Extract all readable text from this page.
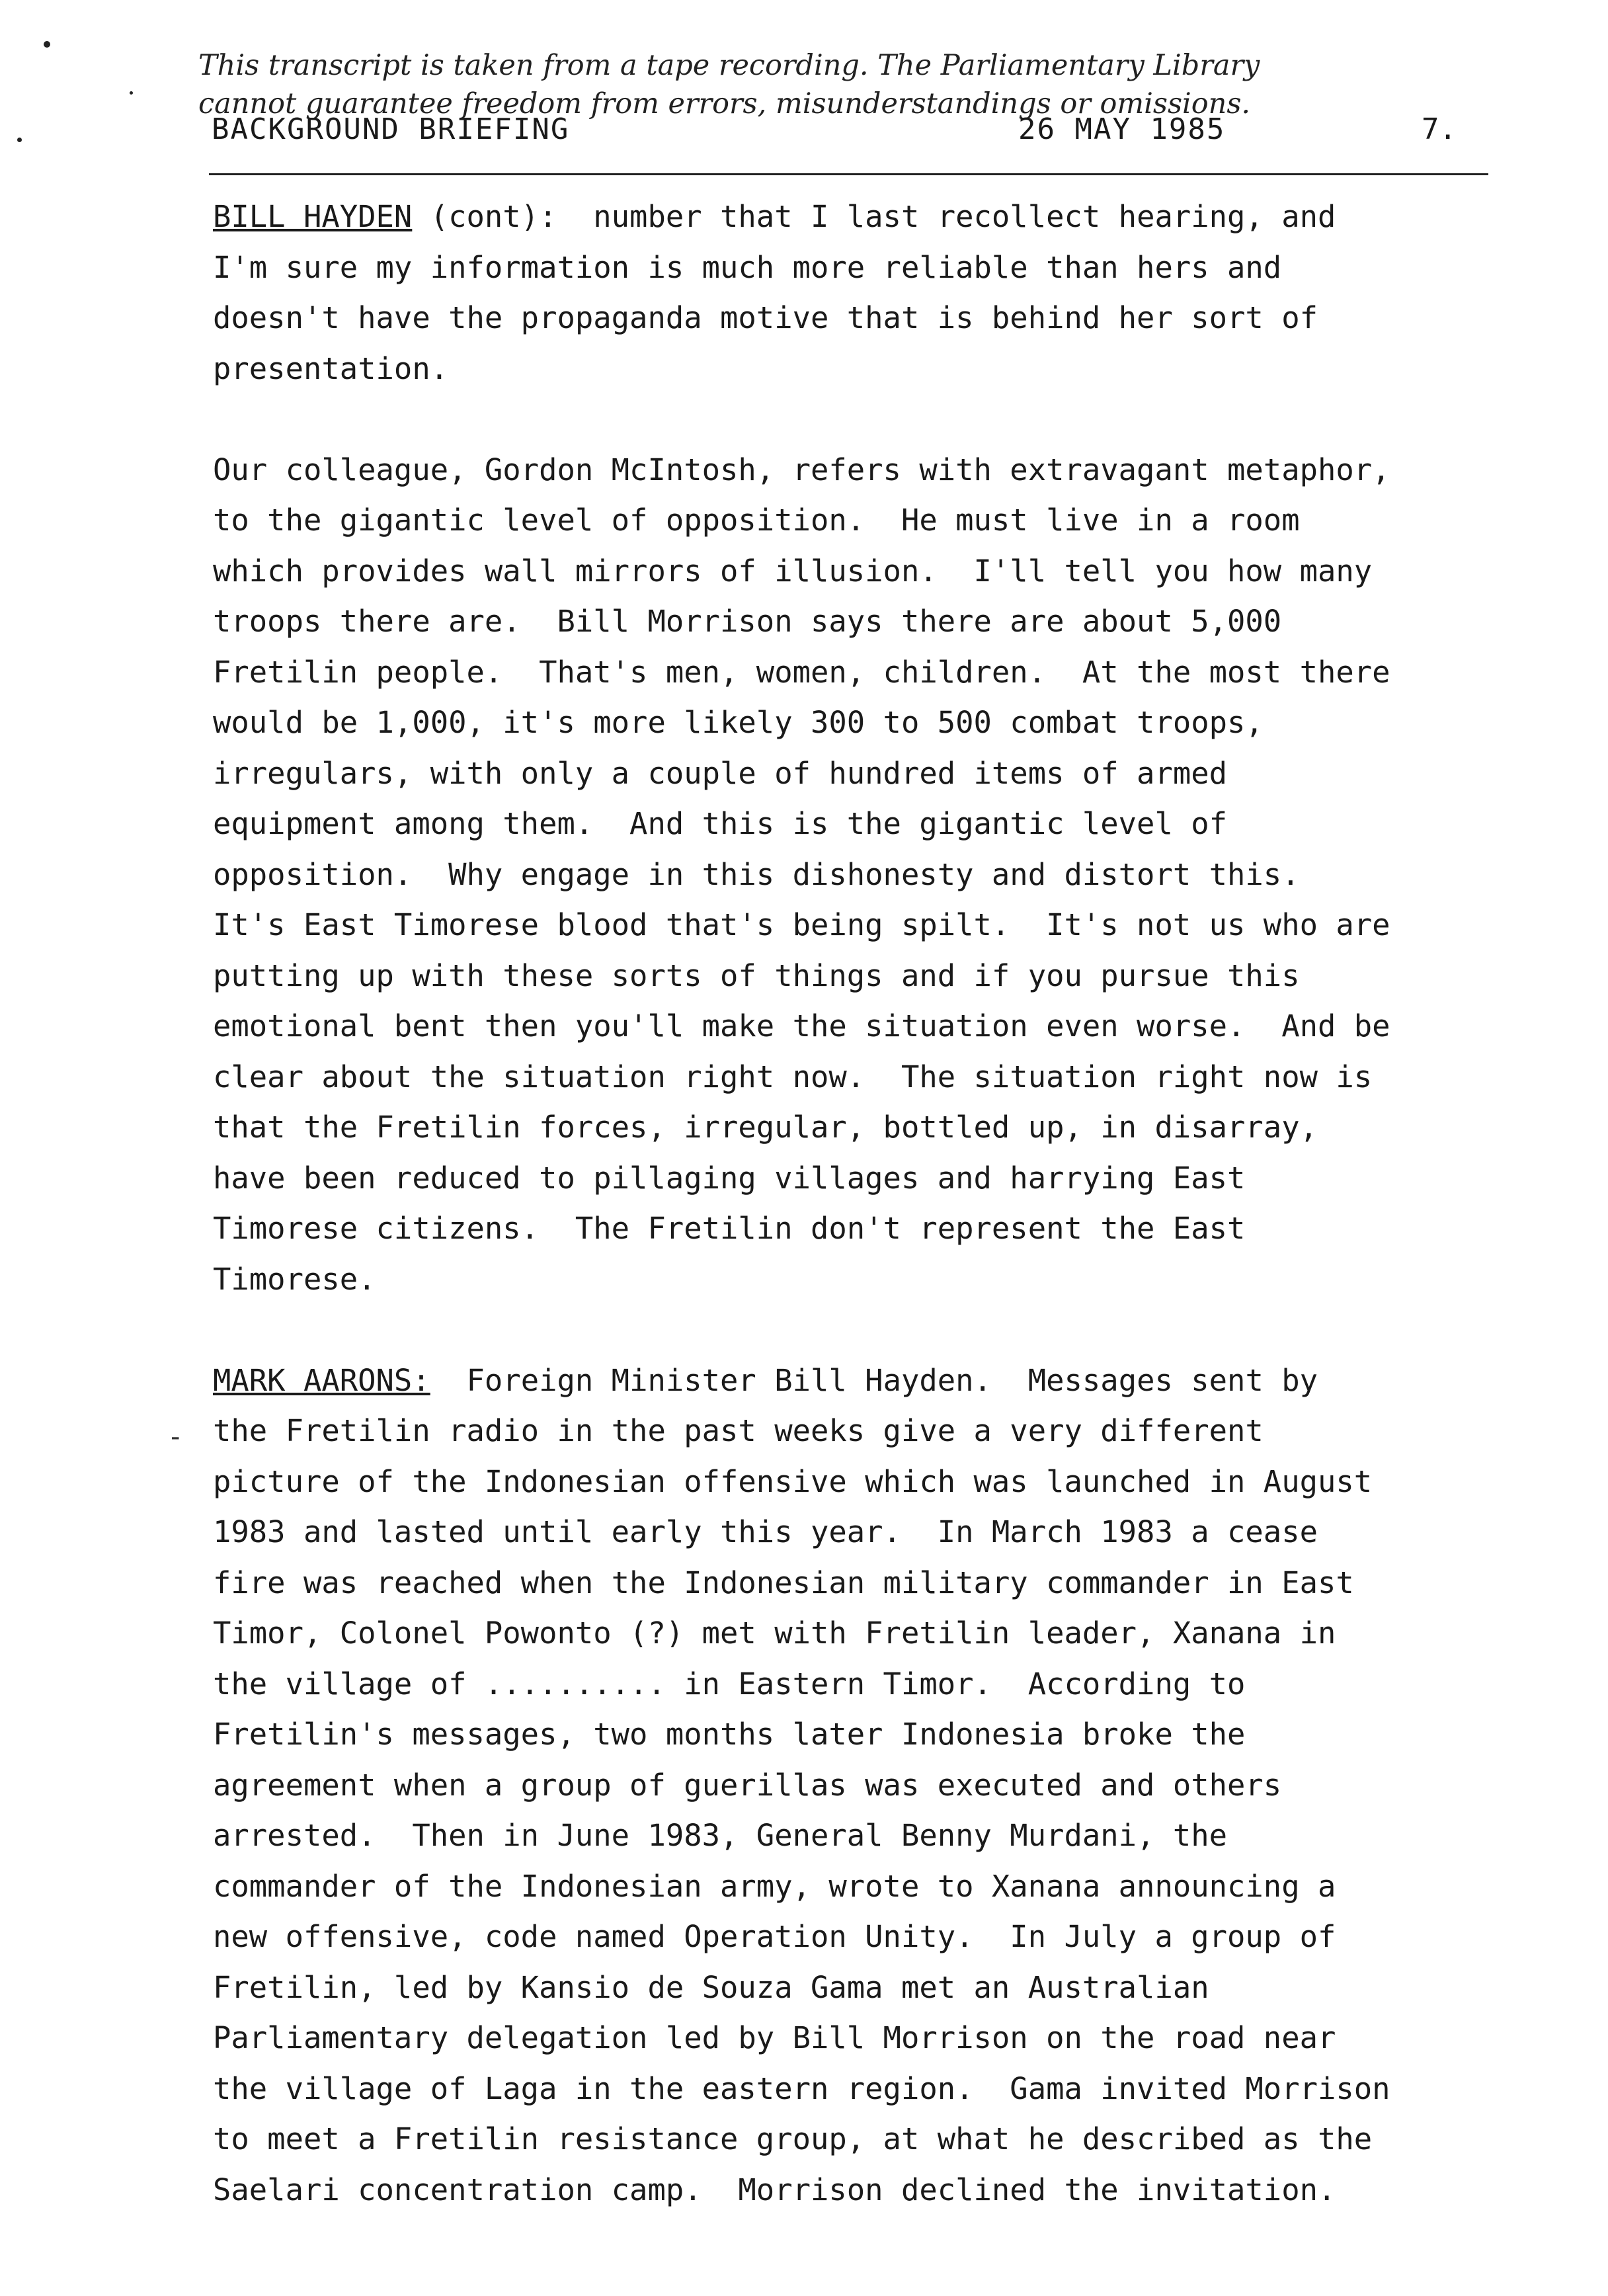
-
This transcript is taken from a tape recording. The Parliamentary Library
cannot guarantee freedom from errors, misunderstandings or omissions.
BACKGROUND BRIEFING	26 MAY 1985	7.
BILL HAYDEN (cont):  number that I last recollect hearing, and
I'm sure my information is much more reliable than hers and
doesn't have the propaganda motive that is behind her sort of
presentation.
Our colleague, Gordon McIntosh, refers with extravagant metaphor,
to the gigantic level of opposition.  He must live in a room
which provides wall mirrors of illusion.  I'll tell you how many
troops there are.  Bill Morrison says there are about 5,000
Fretilin people.  That's men, women, children.  At the most there
would be 1,000, it's more likely 300 to 500 combat troops,
irregulars, with only a couple of hundred items of armed
equipment among them.  And this is the gigantic level of
opposition.  Why engage in this dishonesty and distort this.
It's East Timorese blood that's being spilt.  It's not us who are
putting up with these sorts of things and if you pursue this
emotional bent then you'll make the situation even worse.  And be
clear about the situation right now.  The situation right now is
that the Fretilin forces, irregular, bottled up, in disarray,
have been reduced to pillaging villages and harrying East
Timorese citizens.  The Fretilin don't represent the East
Timorese.
MARK AARONS: Foreign Minister Bill Hayden.  Messages sent by
the Fretilin radio in the past weeks give a very different
picture of the Indonesian offensive which was launched in August
1983 and lasted until early this year.  In March 1983 a cease
fire was reached when the Indonesian military commander in East
Timor, Colonel Powonto (?) met with Fretilin leader, Xanana in
the village of .......... in Eastern Timor.  According to
Fretilin's messages, two months later Indonesia broke the
agreement when a group of guerillas was executed and others
arrested.  Then in June 1983, General Benny Murdani, the
commander of the Indonesian army, wrote to Xanana announcing a
new offensive, code named Operation Unity.  In July a group of
Fretilin, led by Kansio de Souza Gama met an Australian
Parliamentary delegation led by Bill Morrison on the road near
the village of Laga in the eastern region.  Gama invited Morrison
to meet a Fretilin resistance group, at what he described as the
Saelari concentration camp.  Morrison declined the invitation.
